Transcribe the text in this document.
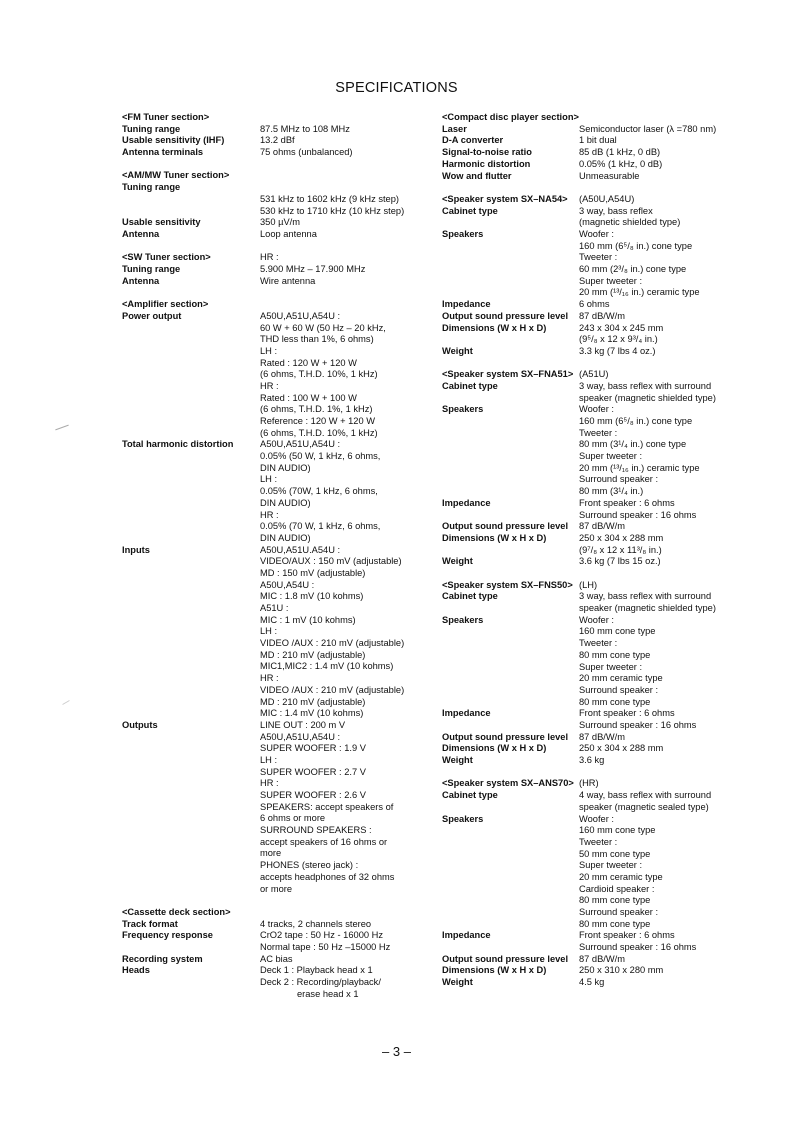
SPECIFICATIONS
<FM Tuner section>
Tuning range	87.5 MHz to 108 MHz
Usable sensitivity (IHF)	13.2 dBf
Antenna terminals	75 ohms (unbalanced)
<AM/MW Tuner section>
Tuning range
531 kHz to 1602 kHz (9 kHz step)
530 kHz to 1710 kHz (10 kHz step)
Usable sensitivity	350 µV/m
Antenna	Loop antenna
<SW Tuner section>	HR :
Tuning range	5.900 MHz – 17.900 MHz
Antenna	Wire antenna
<Amplifier section>
Power output	A50U,A51U,A54U :
60 W + 60 W (50 Hz – 20 kHz,
THD less than 1%, 6 ohms)
LH :
Rated : 120 W + 120 W
(6 ohms, T.H.D. 10%, 1 kHz)
HR :
Rated : 100 W + 100 W
(6 ohms, T.H.D. 1%, 1 kHz)
Reference : 120 W + 120 W
(6 ohms, T.H.D. 10%, 1 kHz)
Total harmonic distortion	A50U,A51U,A54U :
0.05% (50 W, 1 kHz, 6 ohms,
DIN AUDIO)
LH :
0.05% (70W, 1 kHz, 6 ohms,
DIN AUDIO)
HR :
0.05% (70 W, 1 kHz, 6 ohms,
DIN AUDIO)
Inputs	A50U,A51U.A54U :
VIDEO/AUX : 150 mV (adjustable)
MD : 150 mV (adjustable)
A50U,A54U :
MIC : 1.8 mV (10 kohms)
A51U :
MIC : 1 mV (10 kohms)
LH :
VIDEO /AUX : 210 mV (adjustable)
MD : 210 mV (adjustable)
MIC1,MIC2 : 1.4 mV (10 kohms)
HR :
VIDEO /AUX : 210 mV (adjustable)
MD : 210 mV (adjustable)
MIC : 1.4 mV (10 kohms)
Outputs	LINE OUT : 200 m V
A50U,A51U,A54U :
SUPER WOOFER : 1.9 V
LH :
SUPER WOOFER : 2.7 V
HR :
SUPER WOOFER : 2.6 V
SPEAKERS: accept speakers of
6 ohms or more
SURROUND SPEAKERS :
accept speakers of 16 ohms or
more
PHONES (stereo jack) :
accepts headphones of 32 ohms
or more
<Cassette deck section>
Track format	4 tracks, 2 channels stereo
Frequency response	CrO2 tape : 50 Hz - 16000 Hz
Normal tape : 50 Hz –15000 Hz
Recording system	AC bias
Heads	Deck 1 : Playback head x 1
Deck 2 : Recording/playback/
erase head x 1
<Compact disc player section>
Laser	Semiconductor laser (λ =780 nm)
D-A converter	1 bit dual
Signal-to-noise ratio	85 dB (1 kHz, 0 dB)
Harmonic distortion	0.05% (1 kHz, 0 dB)
Wow and flutter	Unmeasurable
<Speaker system SX–NA54>	(A50U,A54U)
Cabinet type	3 way, bass reflex
(magnetic shielded type)
Speakers	Woofer :
160 mm (6⁵/₈ in.) cone type
Tweeter :
60 mm (2³/₈ in.) cone type
Super tweeter :
20 mm (¹³/₁₆ in.) ceramic type
Impedance	6 ohms
Output sound pressure level	87 dB/W/m
Dimensions (W x H x D)	243 x 304 x 245 mm
(9⁵/₈ x 12 x 9³/₄ in.)
Weight	3.3 kg (7 lbs 4 oz.)
<Speaker system SX–FNA51> (A51U)
Cabinet type	3 way, bass reflex with surround
speaker (magnetic shielded type)
Speakers	Woofer :
160 mm (6⁵/₈ in.) cone type
Tweeter :
80 mm (3¹/₄ in.) cone type
Super tweeter :
20 mm (¹³/₁₆ in.) ceramic type
Surround speaker :
80 mm (3¹/₄ in.)
Impedance	Front speaker : 6 ohms
Surround speaker : 16 ohms
Output sound pressure level	87 dB/W/m
Dimensions (W x H x D)	250 x 304 x 288 mm
(9⁷/₈ x 12 x 11³/₈ in.)
Weight	3.6 kg (7 lbs 15 oz.)
<Speaker system SX–FNS50> (LH)
Cabinet type	3 way, bass reflex with surround
speaker (magnetic shielded type)
Speakers	Woofer :
160 mm cone type
Tweeter :
80 mm cone type
Super tweeter :
20 mm ceramic type
Surround speaker :
80 mm cone type
Impedance	Front speaker : 6 ohms
Surround speaker : 16 ohms
Output sound pressure level	87 dB/W/m
Dimensions (W x H x D)	250 x 304 x 288 mm
Weight	3.6 kg
<Speaker system SX–ANS70> (HR)
Cabinet type	4 way, bass reflex with surround
speaker (magnetic sealed type)
Speakers	Woofer :
160 mm cone type
Tweeter :
50 mm cone type
Super tweeter :
20 mm ceramic type
Cardioid speaker :
80 mm cone type
Surround speaker :
80 mm cone type
Impedance	Front speaker : 6 ohms
Surround speaker : 16 ohms
Output sound pressure level	87 dB/W/m
Dimensions (W x H x D)	250 x 310 x 280 mm
Weight	4.5 kg
– 3 –
